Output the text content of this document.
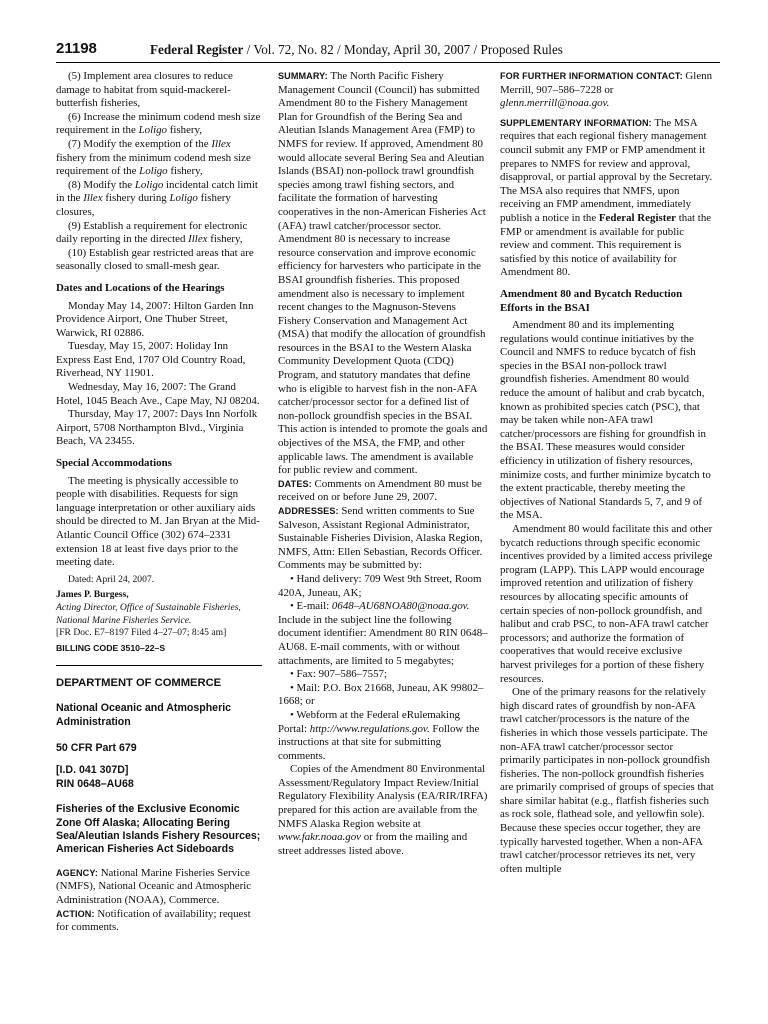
21198	Federal Register / Vol. 72, No. 82 / Monday, April 30, 2007 / Proposed Rules

(5) Implement area closures to reduce damage to habitat from squid-mackerel-butterfish fisheries,

(6) Increase the minimum codend mesh size requirement in the Loligo fishery,

(7) Modify the exemption of the Illex fishery from the minimum codend mesh size requirement of the Loligo fishery,

(8) Modify the Loligo incidental catch limit in the Illex fishery during Loligo fishery closures,

(9) Establish a requirement for electronic daily reporting in the directed Illex fishery,

(10) Establish gear restricted areas that are seasonally closed to small-mesh gear.

Dates and Locations of the Hearings

Monday May 14, 2007: Hilton Garden Inn Providence Airport, One Thuber Street, Warwick, RI 02886.

Tuesday, May 15, 2007: Holiday Inn Express East End, 1707 Old Country Road, Riverhead, NY 11901.

Wednesday, May 16, 2007: The Grand Hotel, 1045 Beach Ave., Cape May, NJ 08204.

Thursday, May 17, 2007: Days Inn Norfolk Airport, 5708 Northampton Blvd., Virginia Beach, VA 23455.

Special Accommodations

The meeting is physically accessible to people with disabilities. Requests for sign language interpretation or other auxiliary aids should be directed to M. Jan Bryan at the Mid-Atlantic Council Office (302) 674–2331 extension 18 at least five days prior to the meeting date.

Dated: April 24, 2007.

James P. Burgess,

Acting Director, Office of Sustainable Fisheries, National Marine Fisheries Service.

[FR Doc. E7–8197 Filed 4–27–07; 8:45 am]

BILLING CODE 3510–22–S
DEPARTMENT OF COMMERCE
National Oceanic and Atmospheric Administration
50 CFR Part 679
[I.D. 041 307D]
RIN 0648–AU68
Fisheries of the Exclusive Economic Zone Off Alaska; Allocating Bering Sea/Aleutian Islands Fishery Resources; American Fisheries Act Sideboards

AGENCY: National Marine Fisheries Service (NMFS), National Oceanic and Atmospheric Administration (NOAA), Commerce.

ACTION: Notification of availability; request for comments.

SUMMARY: The North Pacific Fishery Management Council (Council) has submitted Amendment 80 to the Fishery Management Plan for Groundfish of the Bering Sea and Aleutian Islands Management Area (FMP) to NMFS for review. If approved, Amendment 80 would allocate several Bering Sea and Aleutian Islands (BSAI) non-pollock trawl groundfish species among trawl fishing sectors, and facilitate the formation of harvesting cooperatives in the non-American Fisheries Act (AFA) trawl catcher/processor sector. Amendment 80 is necessary to increase resource conservation and improve economic efficiency for harvesters who participate in the BSAI groundfish fisheries. This proposed amendment also is necessary to implement recent changes to the Magnuson-Stevens Fishery Conservation and Management Act (MSA) that modify the allocation of groundfish resources in the BSAI to the Western Alaska Community Development Quota (CDQ) Program, and statutory mandates that define who is eligible to harvest fish in the non-AFA catcher/processor sector for a defined list of non-pollock groundfish species in the BSAI. This action is intended to promote the goals and objectives of the MSA, the FMP, and other applicable laws. The amendment is available for public review and comment.

DATES: Comments on Amendment 80 must be received on or before June 29, 2007.

ADDRESSES: Send written comments to Sue Salveson, Assistant Regional Administrator, Sustainable Fisheries Division, Alaska Region, NMFS, Attn: Ellen Sebastian, Records Officer. Comments may be submitted by:

• Hand delivery: 709 West 9th Street, Room 420A, Juneau, AK;

• E-mail: 0648–AU68NOA80@noaa.gov. Include in the subject line the following document identifier: Amendment 80 RIN 0648–AU68. E-mail comments, with or without attachments, are limited to 5 megabytes;

• Fax: 907–586–7557;

• Mail: P.O. Box 21668, Juneau, AK 99802–1668; or

• Webform at the Federal eRulemaking Portal: http://www.regulations.gov. Follow the instructions at that site for submitting comments.

Copies of the Amendment 80 Environmental Assessment/Regulatory Impact Review/Initial Regulatory Flexibility Analysis (EA/RIR/IRFA) prepared for this action are available from the NMFS Alaska Region website at www.fakr.noaa.gov or from the mailing and street addresses listed above.

FOR FURTHER INFORMATION CONTACT: Glenn Merrill, 907–586–7228 or glenn.merrill@noaa.gov.

SUPPLEMENTARY INFORMATION: The MSA requires that each regional fishery management council submit any FMP or FMP amendment it prepares to NMFS for review and approval, disapproval, or partial approval by the Secretary. The MSA also requires that NMFS, upon receiving an FMP amendment, immediately publish a notice in the Federal Register that the FMP or amendment is available for public review and comment. This requirement is satisfied by this notice of availability for Amendment 80.

Amendment 80 and Bycatch Reduction Efforts in the BSAI

Amendment 80 and its implementing regulations would continue initiatives by the Council and NMFS to reduce bycatch of fish species in the BSAI non-pollock trawl groundfish fisheries. Amendment 80 would reduce the amount of halibut and crab bycatch, known as prohibited species catch (PSC), that may be taken while non-AFA trawl catcher/processors are fishing for groundfish in the BSAI. These measures would consider efficiency in utilization of fishery resources, minimize costs, and further minimize bycatch to the extent practicable, thereby meeting the objectives of National Standards 5, 7, and 9 of the MSA.

Amendment 80 would facilitate this and other bycatch reductions through specific economic incentives provided by a limited access privilege program (LAPP). This LAPP would encourage improved retention and utilization of fishery resources by allocating specific amounts of certain species of non-pollock groundfish, and halibut and crab PSC, to non-AFA trawl catcher processors; and authorize the formation of cooperatives that would receive exclusive harvest privileges for a portion of these fishery resources.

One of the primary reasons for the relatively high discard rates of groundfish by non-AFA trawl catcher/processors is the nature of the fisheries in which those vessels participate. The non-AFA trawl catcher/processor sector primarily participates in non-pollock groundfish fisheries. The non-pollock groundfish fisheries are primarily comprised of groups of species that share similar habitat (e.g., flatfish fisheries such as rock sole, flathead sole, and yellowfin sole). Because these species occur together, they are typically harvested together. When a non-AFA trawl catcher/processor retrieves its net, very often multiple
